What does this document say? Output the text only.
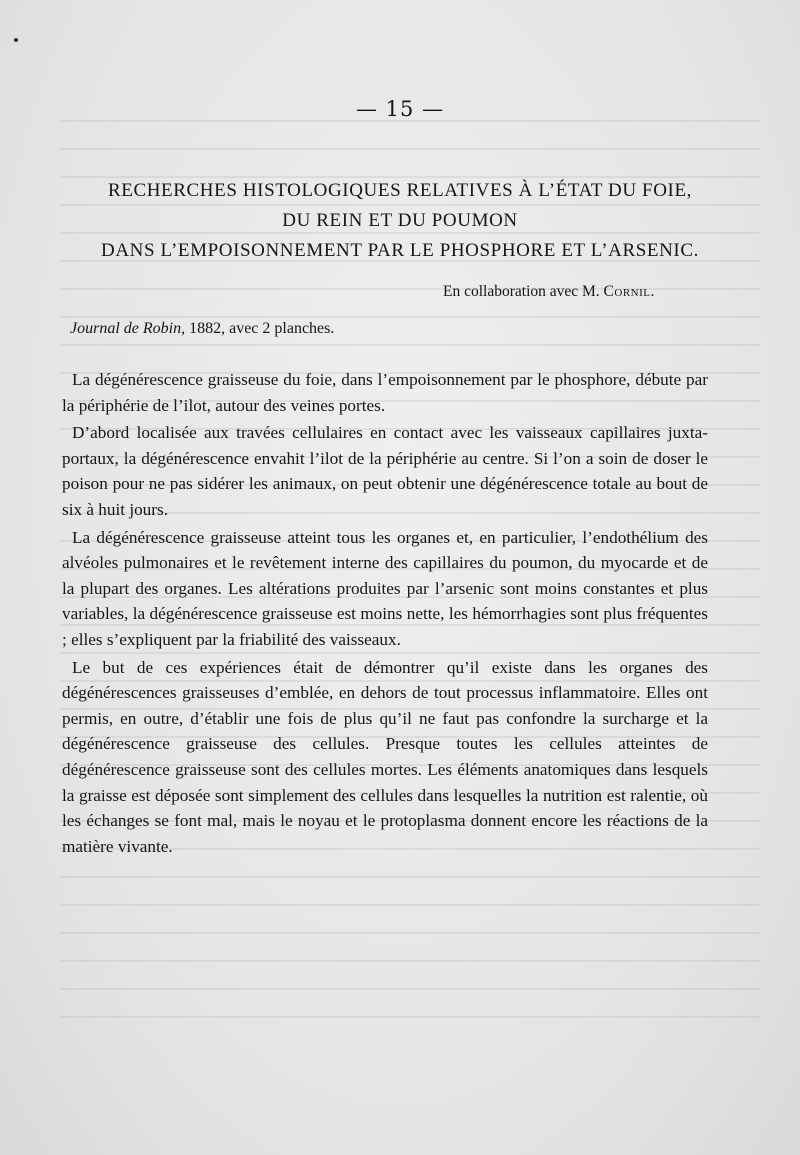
— 15 —
RECHERCHES HISTOLOGIQUES RELATIVES À L’ÉTAT DU FOIE,
DU REIN ET DU POUMON
DANS L’EMPOISONNEMENT PAR LE PHOSPHORE ET L’ARSENIC.
En collaboration avec M. Cornil.
Journal de Robin, 1882, avec 2 planches.

La dégénérescence graisseuse du foie, dans l’empoisonnement par le phosphore, débute par la périphérie de l’ilot, autour des veines portes.

D’abord localisée aux travées cellulaires en contact avec les vaisseaux capillaires juxta-portaux, la dégénérescence envahit l’ilot de la périphérie au centre. Si l’on a soin de doser le poison pour ne pas sidérer les animaux, on peut obtenir une dégénérescence totale au bout de six à huit jours.

La dégénérescence graisseuse atteint tous les organes et, en particulier, l’endothélium des alvéoles pulmonaires et le revêtement interne des capillaires du poumon, du myocarde et de la plupart des organes. Les altérations produites par l’arsenic sont moins constantes et plus variables, la dégénérescence graisseuse est moins nette, les hémorrhagies sont plus fréquentes ; elles s’expliquent par la friabilité des vaisseaux.

Le but de ces expériences était de démontrer qu’il existe dans les organes des dégénérescences graisseuses d’emblée, en dehors de tout processus inflammatoire. Elles ont permis, en outre, d’établir une fois de plus qu’il ne faut pas confondre la surcharge et la dégénérescence graisseuse des cellules. Presque toutes les cellules atteintes de dégénérescence graisseuse sont des cellules mortes. Les éléments anatomiques dans lesquels la graisse est déposée sont simplement des cellules dans lesquelles la nutrition est ralentie, où les échanges se font mal, mais le noyau et le protoplasma donnent encore les réactions de la matière vivante.
